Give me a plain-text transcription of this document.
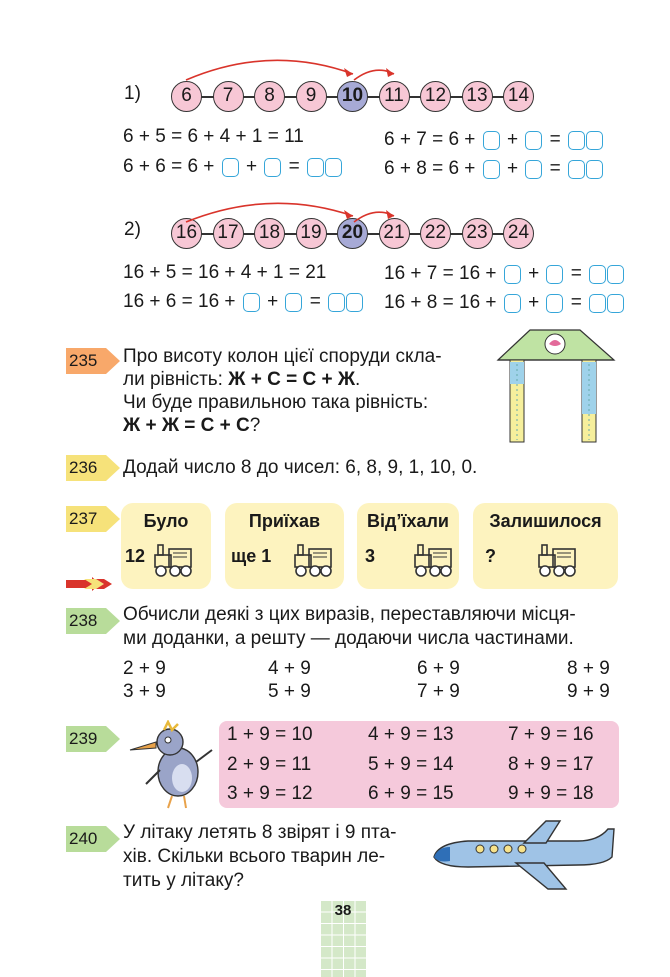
1)	6	7	8	9	10 11 12 13 14
6 + 5 = 6 + 4 + 1 = 11
6 + 6 = 6 +

+

=

6 + 7 = 6 +

+

=

6 + 8 = 6 +

+

=

2) 16 17 18 19 20 21 22 23 24
16 + 5 = 16 + 4 + 1 = 21
16 + 6 = 16 +

+

=

16 + 7 = 16 +

+

=

16 + 8 = 16 +

+

=

235 Про висоту колон цієї споруди скла-
ли рівність: Ж + С = С + Ж.
Чи буде правильною така рівність:
Ж + Ж = С + С?
236 Додай число 8 до чисел: 6, 8, 9, 1, 10, 0.
237	Було
12
Приїхав
ще 1
Від’їхали
3
Залишилося
?
238 Обчисли деякі з цих виразів, переставляючи місця-
ми доданки, а решту — додаючи числа частинами.
2 + 9	4 + 9	6 + 9	8 + 9
3 + 9	5 + 9	7 + 9	9 + 9
239	1 + 9 = 10	4 + 9 = 13	7 + 9 = 16
2 + 9 = 11	5 + 9 = 14	8 + 9 = 17
3 + 9 = 12	6 + 9 = 15	9 + 9 = 18
240 У літаку летять 8 звірят і 9 пта-
хів. Скільки всього тварин ле-
тить у літаку?
38
